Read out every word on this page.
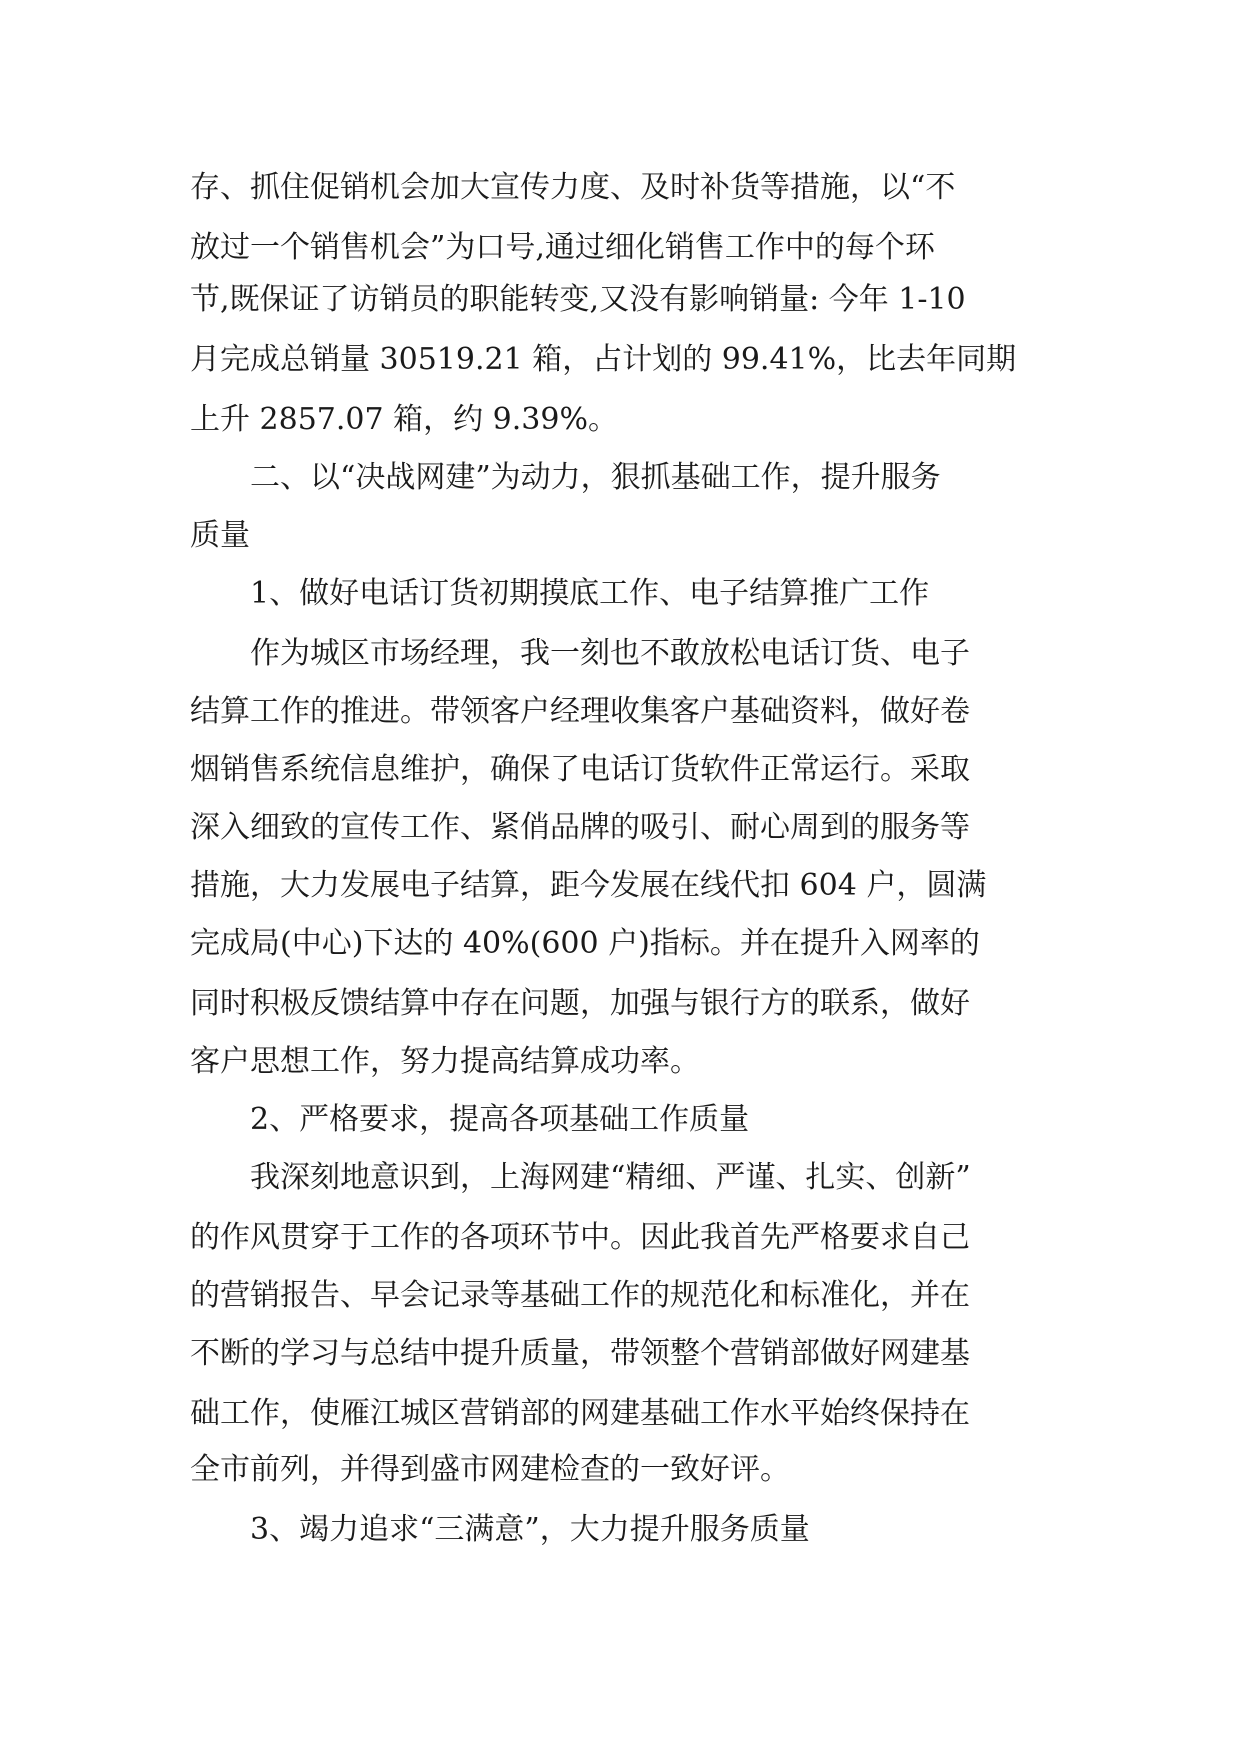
存、抓住促销机会加大宣传力度、及时补货等措施，以“不
放过一个销售机会”为口号,通过细化销售工作中的每个环
节,既保证了访销员的职能转变,又没有影响销量: 今年 1-10
月完成总销量 30519.21 箱，占计划的 99.41%，比去年同期
上升 2857.07 箱，约 9.39%。
二、以“决战网建”为动力，狠抓基础工作，提升服务
质量
1、做好电话订货初期摸底工作、电子结算推广工作
作为城区市场经理，我一刻也不敢放松电话订货、电子
结算工作的推进。带领客户经理收集客户基础资料，做好卷
烟销售系统信息维护，确保了电话订货软件正常运行。采取
深入细致的宣传工作、紧俏品牌的吸引、耐心周到的服务等
措施，大力发展电子结算，距今发展在线代扣 604 户，圆满
完成局(中心)下达的 40%(600 户)指标。并在提升入网率的
同时积极反馈结算中存在问题，加强与银行方的联系，做好
客户思想工作，努力提高结算成功率。
2、严格要求，提高各项基础工作质量
我深刻地意识到，上海网建“精细、严谨、扎实、创新”
的作风贯穿于工作的各项环节中。因此我首先严格要求自己
的营销报告、早会记录等基础工作的规范化和标准化，并在
不断的学习与总结中提升质量，带领整个营销部做好网建基
础工作，使雁江城区营销部的网建基础工作水平始终保持在
全市前列，并得到盛市网建检查的一致好评。
3、竭力追求“三满意”，大力提升服务质量
